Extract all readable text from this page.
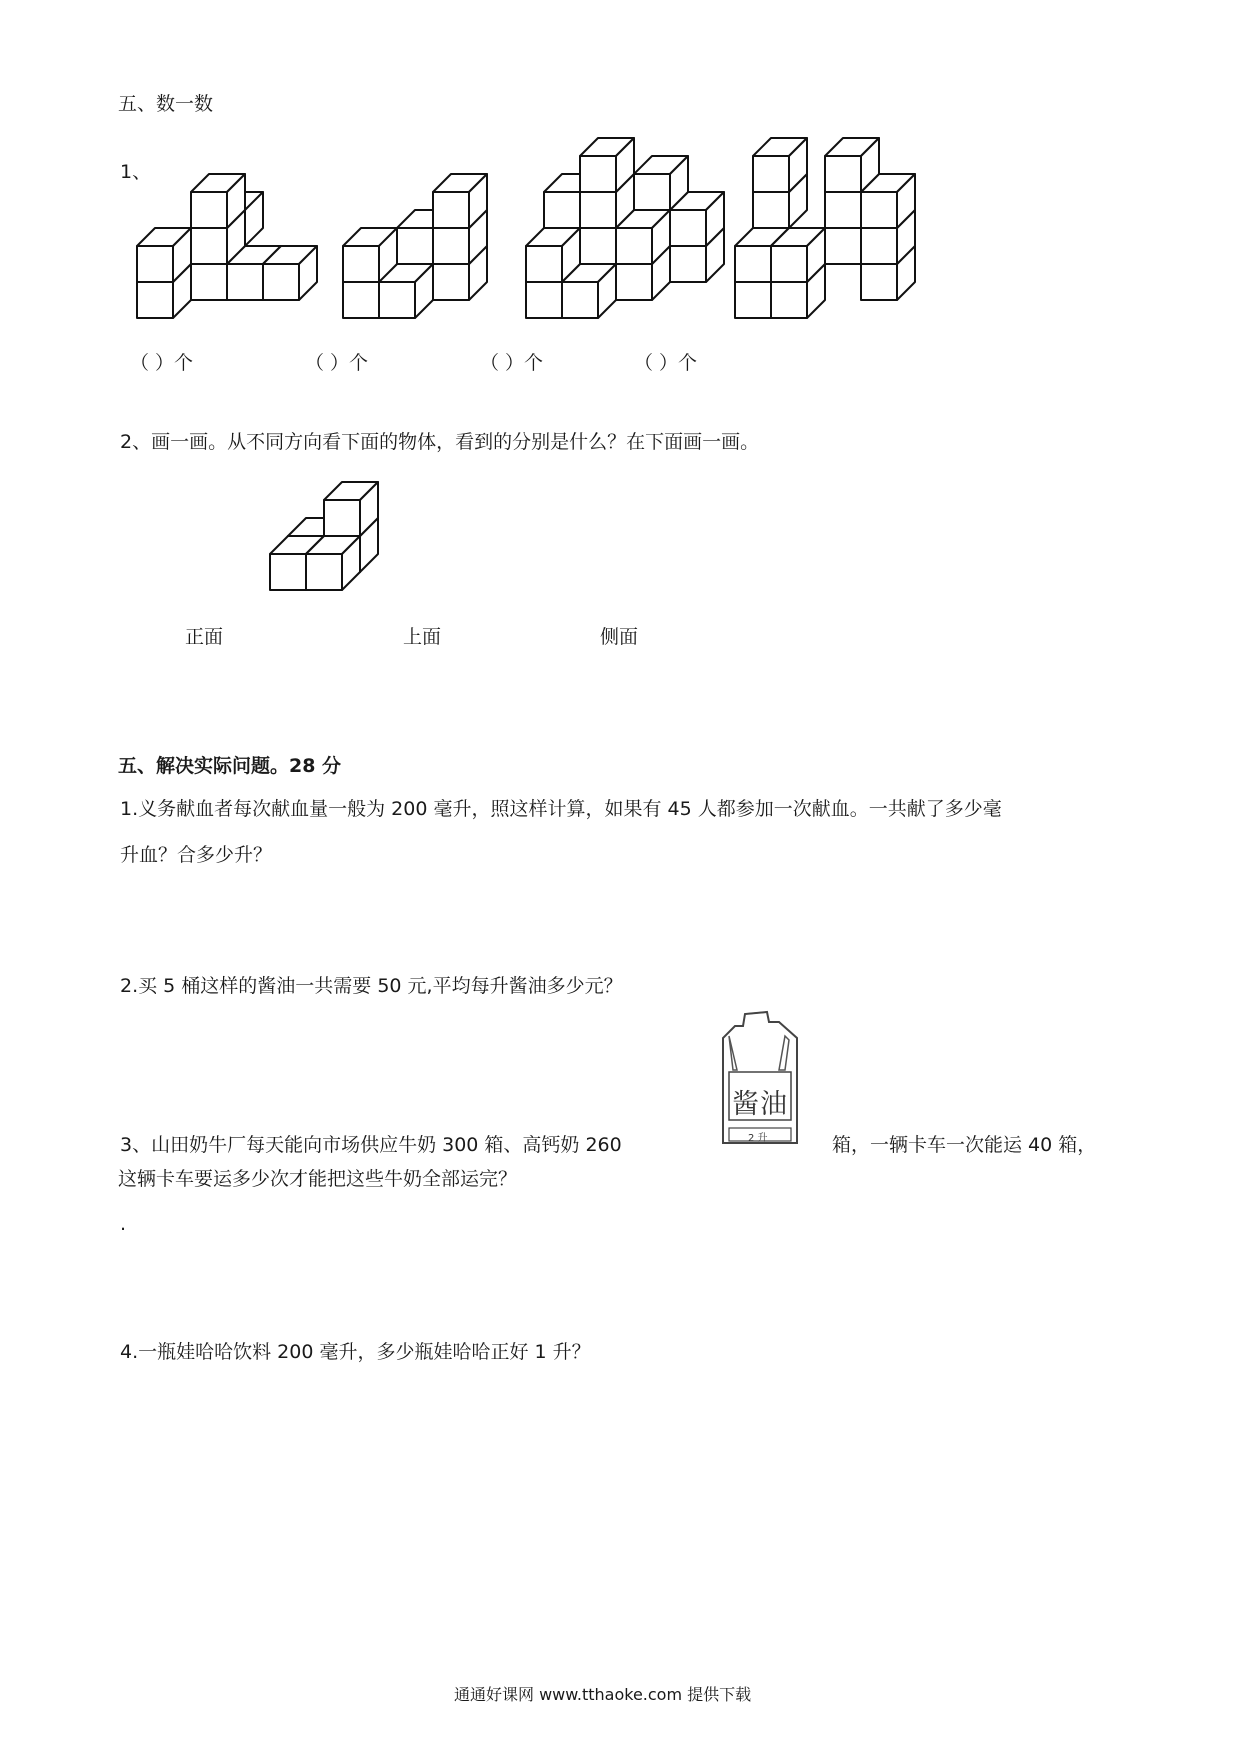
五、数一数
1、
（ ）个	（ ）个	（ ）个	（ ）个
2、画一画。从不同方向看下面的物体，看到的分别是什么？在下面画一画。
正面	上面	侧面
五、解决实际问题。28 分
1.义务献血者每次献血量一般为 200 毫升，照这样计算，如果有 45 人都参加一次献血。一共献了多少毫
升血？合多少升？
2.买 5 桶这样的酱油一共需要 50 元,平均每升酱油多少元？
酱油
2 升
3、山田奶牛厂每天能向市场供应牛奶 300 箱、高钙奶 260	箱，一辆卡车一次能运 40 箱，
这辆卡车要运多少次才能把这些牛奶全部运完？
.
4.一瓶娃哈哈饮料 200 毫升，多少瓶娃哈哈正好 1 升？
通通好课网 www.tthaoke.com 提供下载
